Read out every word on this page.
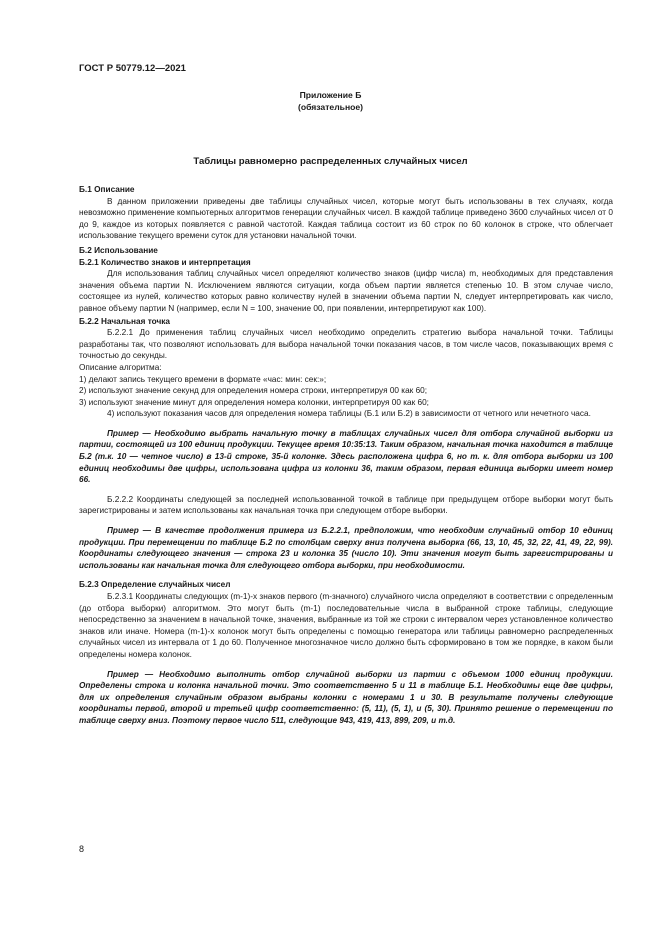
ГОСТ Р 50779.12—2021
Приложение Б
(обязательное)
Таблицы равномерно распределенных случайных чисел

Б.1 Описание

В данном приложении приведены две таблицы случайных чисел, которые могут быть использованы в тех случаях, когда невозможно применение компьютерных алгоритмов генерации случайных чисел. В каждой таблице приведено 3600 случайных чисел от 0 до 9, каждое из которых появляется с равной частотой. Каждая таблица состоит из 60 строк по 60 колонок в строке, что облегчает использование текущего времени суток для установки начальной точки.

Б.2 Использование

Б.2.1 Количество знаков и интерпретация

Для использования таблиц случайных чисел определяют количество знаков (цифр числа) m, необходимых для представления значения объема партии N. Исключением являются ситуации, когда объем партии является степенью 10. В этом случае число, состоящее из нулей, количество которых равно количеству нулей в значении объема партии N, следует интерпретировать как число, равное объему партии N (например, если N = 100, значение 00, при появлении, интерпретируют как 100).

Б.2.2 Начальная точка

Б.2.2.1 До применения таблиц случайных чисел необходимо определить стратегию выбора начальной точки. Таблицы разработаны так, что позволяют использовать для выбора начальной точки показания часов, в том числе часов, показывающих время с точностью до секунды.

Описание алгоритма:

1) делают запись текущего времени в формате «час: мин: сек:»;

2) используют значение секунд для определения номера строки, интерпретируя 00 как 60;

3) используют значение минут для определения номера колонки, интерпретируя 00 как 60;

4) используют показания часов для определения номера таблицы (Б.1 или Б.2) в зависимости от четного или нечетного часа.

Пример — Необходимо выбрать начальную точку в таблицах случайных чисел для отбора случайной выборки из партии, состоящей из 100 единиц продукции. Текущее время 10:35:13. Таким образом, начальная точка находится в таблице Б.2 (т.к. 10 — четное число) в 13-й строке, 35-й колонке. Здесь расположена цифра 6, но т. к. для отбора выборки из 100 единиц необходимы две цифры, использована цифра из колонки 36, таким образом, первая единица выборки имеет номер 66.

Б.2.2.2 Координаты следующей за последней использованной точкой в таблице при предыдущем отборе выборки могут быть зарегистрированы и затем использованы как начальная точка при следующем отборе выборки.

Пример — В качестве продолжения примера из Б.2.2.1, предположим, что необходим случайный отбор 10 единиц продукции. При перемещении по таблице Б.2 по столбцам сверху вниз получена выборка (66, 13, 10, 45, 32, 22, 41, 49, 22, 99). Координаты следующего значения — строка 23 и колонка 35 (число 10). Эти значения могут быть зарегистрированы и использованы как начальная точка для следующего отбора выборки, при необходимости.

Б.2.3 Определение случайных чисел

Б.2.3.1 Координаты следующих (m-1)-х знаков первого (m-значного) случайного числа определяют в соответствии с определенным (до отбора выборки) алгоритмом. Это могут быть (m-1) последовательные числа в выбранной строке таблицы, следующие непосредственно за значением в начальной точке, значения, выбранные из той же строки с интервалом через установленное количество знаков или иначе. Номера (m-1)-х колонок могут быть определены с помощью генератора или таблицы равномерно распределенных случайных чисел из интервала от 1 до 60. Полученное многозначное число должно быть сформировано в том же порядке, в каком были определены номера колонок.

Пример — Необходимо выполнить отбор случайной выборки из партии с объемом 1000 единиц продукции. Определены строка и колонка начальной точки. Это соответственно 5 и 11 в таблице Б.1. Необходимы еще две цифры, для их определения случайным образом выбраны колонки с номерами 1 и 30. В результате получены следующие координаты первой, второй и третьей цифр соответственно: (5, 11), (5, 1), и (5, 30). Принято решение о перемещении по таблице сверху вниз. Поэтому первое число 511, следующие 943, 419, 413, 899, 209, и т.д.

8
